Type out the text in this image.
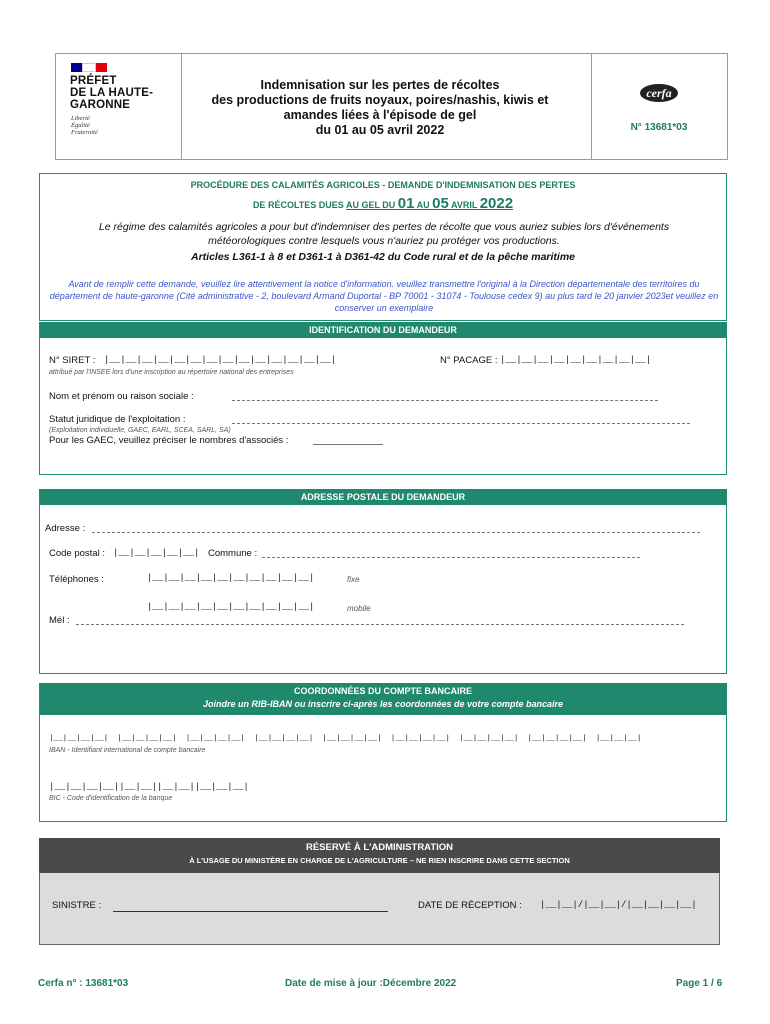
PRÉFET
DE LA HAUTE-
GARONNE
Liberté
Égalité
Fraternité
Indemnisation sur les pertes de récoltes
des productions de fruits noyaux, poires/nashis, kiwis et
amandes liées à l'épisode de gel
du 01 au 05 avril 2022
cerfa
N° 13681*03
PROCÉDURE DES CALAMITÉS AGRICOLES - DEMANDE D'INDEMNISATION DES PERTES
DE RÉCOLTES DUES AU GEL DU 01 AU 05 AVRIL 2022
Le régime des calamités agricoles a pour but d'indemniser des pertes de récolte que vous auriez subies lors d'événements météorologiques contre lesquels vous n'auriez pu protéger vos productions.
Articles L361-1 à 8 et D361-1 à D361-42 du Code rural et de la pêche maritime
Avant de remplir cette demande, veuillez lire attentivement la notice d'information. veuillez transmettre l'original à la Direction départementale des territoires du département de haute-garonne (Cité administrative - 2, boulevard Armand Duportal - BP 70001 - 31074 - Toulouse cedex 9) au plus tard le 20 janvier 2023et veuillez en conserver un exemplaire
IDENTIFICATION DU DEMANDEUR
N° SIRET : |__|__|__|__|__|__|__|__|__|__|__|__|__|__|
attribué par l'INSEE lors d'une inscription au répertoire national des entreprises
N° PACAGE : |__|__|__|__|__|__|__|__|__|
Nom et prénom ou raison sociale :
Statut juridique de l'exploitation :
(Exploitation individuelle, GAEC, EARL, SCEA, SARL, SA)
Pour les GAEC, veuillez préciser le nombres d'associés :
ADRESSE POSTALE DU DEMANDEUR
Adresse :
Code postal : |__|__|__|__|__| Commune :
Téléphones :	|__|__|__|__|__|__|__|__|__|__|	fixe
|__|__|__|__|__|__|__|__|__|__|	mobile
Mél :
COORDONNÉES DU COMPTE BANCAIRE
Joindre un RIB-IBAN ou inscrire ci-après les coordonnées de votre compte bancaire
|__|__|__|__|  |__|__|__|__|  |__|__|__|__|  |__|__|__|__|  |__|__|__|__|  |__|__|__|__|  |__|__|__|__|  |__|__|__|__|  |__|__|__|
IBAN - Identifiant international de compte bancaire
|__|__|__|__||__|__||__|__||__|__|__|
BIC - Code d'identification de la banque
RÉSERVÉ À L'ADMINISTRATION
À L'USAGE DU MINISTÈRE EN CHARGE DE L'AGRICULTURE – NE RIEN INSCRIRE DANS CETTE SECTION
SINISTRE :	DATE DE RÉCEPTION : |__|__|/|__|__|/|__|__|__|__|
Cerfa n° : 13681*03	Date de mise à jour :Décembre 2022	Page 1 / 6
